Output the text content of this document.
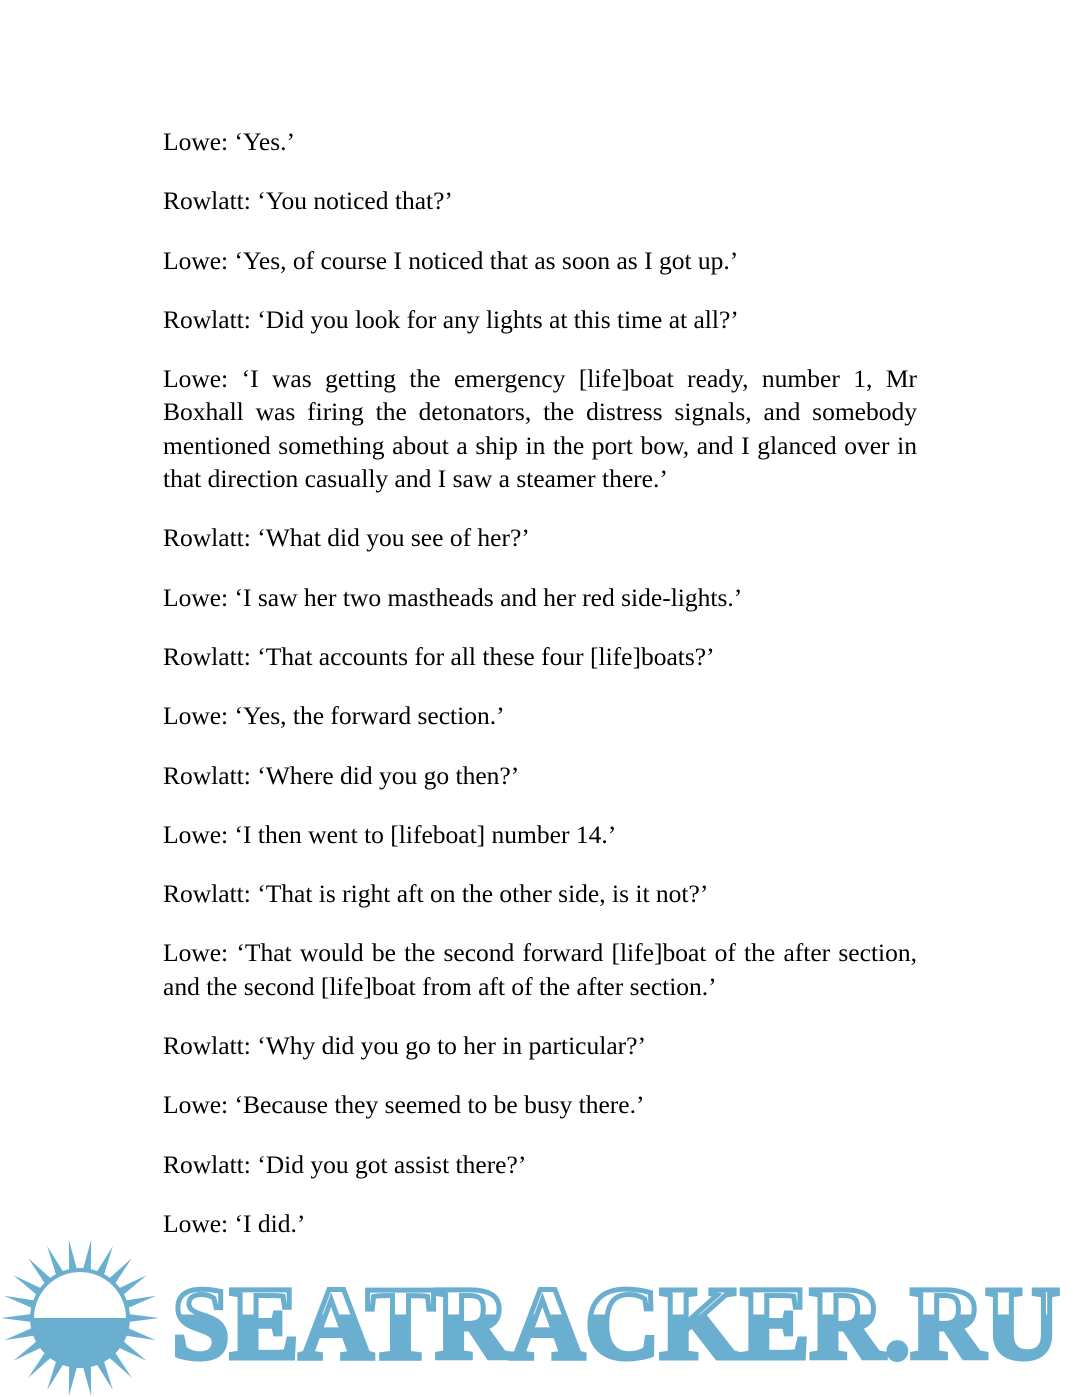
Lowe: ‘Yes.’

Rowlatt: ‘You noticed that?’

Lowe: ‘Yes, of course I noticed that as soon as I got up.’

Rowlatt: ‘Did you look for any lights at this time at all?’

Lowe: ‘I was getting the emergency [life]boat ready, number 1, Mr Boxhall was firing the detonators, the distress signals, and somebody mentioned something about a ship in the port bow, and I glanced over in that direction casually and I saw a steamer there.’

Rowlatt: ‘What did you see of her?’

Lowe: ‘I saw her two mastheads and her red side-lights.’

Rowlatt: ‘That accounts for all these four [life]boats?’

Lowe: ‘Yes, the forward section.’

Rowlatt: ‘Where did you go then?’

Lowe: ‘I then went to [lifeboat] number 14.’

Rowlatt: ‘That is right aft on the other side, is it not?’

Lowe: ‘That would be the second forward [life]boat of the after section, and the second [life]boat from aft of the after section.’

Rowlatt: ‘Why did you go to her in particular?’

Lowe: ‘Because they seemed to be busy there.’

Rowlatt: ‘Did you got assist there?’

Lowe: ‘I did.’

SEATRACKER.RU
